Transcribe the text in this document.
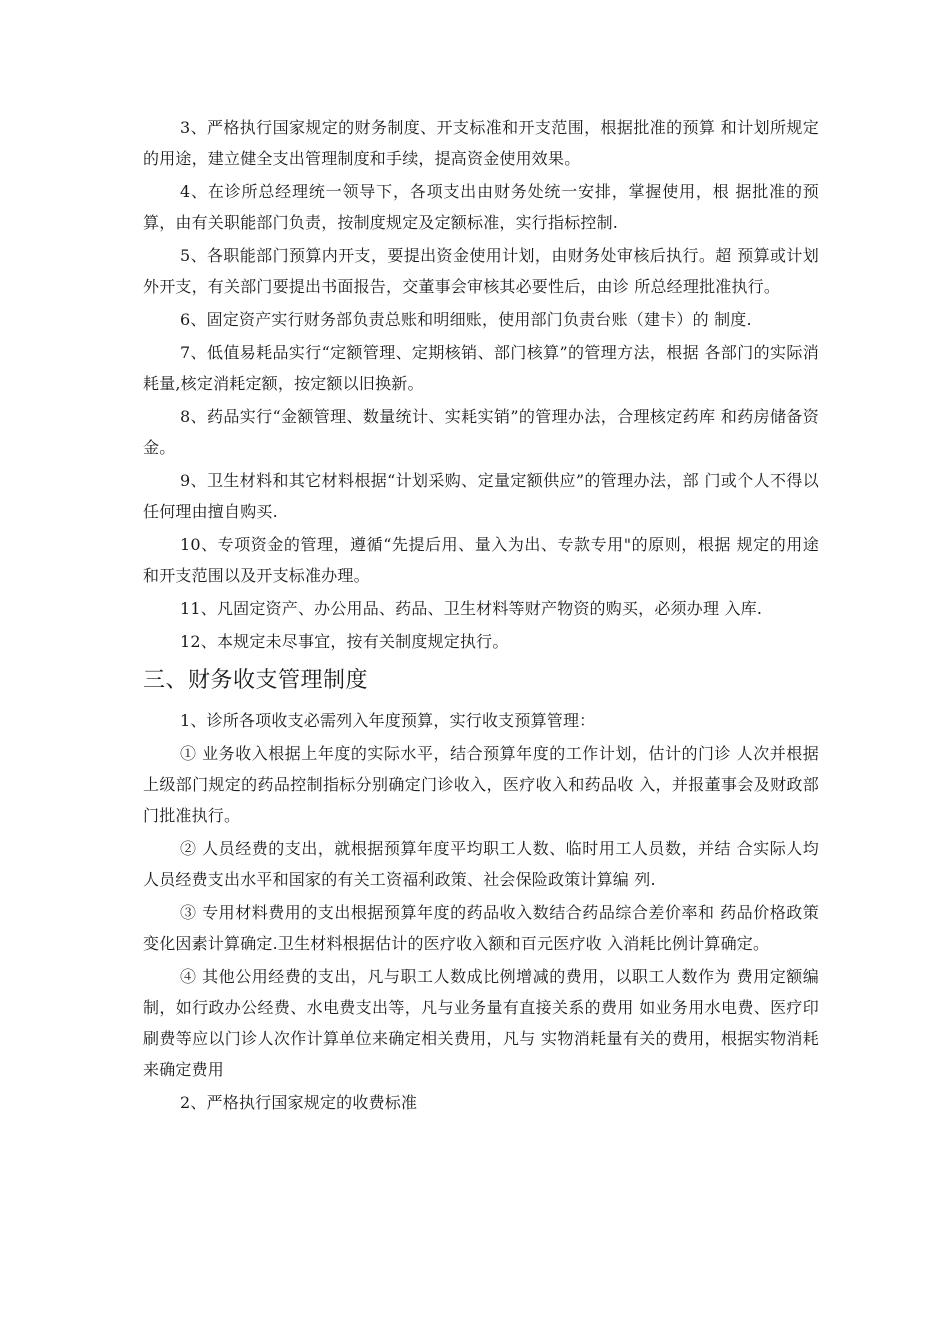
3、严格执行国家规定的财务制度、开支标准和开支范围，根据批准的预算 和计划所规定的用途，建立健全支出管理制度和手续，提高资金使用效果。

4、在诊所总经理统一领导下，各项支出由财务处统一安排，掌握使用，根 据批准的预算，由有关职能部门负责，按制度规定及定额标准，实行指标控制.

5、各职能部门预算内开支，要提出资金使用计划，由财务处审核后执行。超 预算或计划外开支，有关部门要提出书面报告，交董事会审核其必要性后，由诊 所总经理批准执行。

6、固定资产实行财务部负责总账和明细账，使用部门负责台账（建卡）的 制度.

7、低值易耗品实行“定额管理、定期核销、部门核算”的管理方法，根据 各部门的实际消耗量,核定消耗定额，按定额以旧换新。

8、药品实行“金额管理、数量统计、实耗实销”的管理办法，合理核定药库 和药房储备资金。

9、卫生材料和其它材料根据“计划采购、定量定额供应”的管理办法，部 门或个人不得以任何理由擅自购买.

10、专项资金的管理，遵循“先提后用、量入为出、专款专用"的原则，根据 规定的用途和开支范围以及开支标准办理。

11、凡固定资产、办公用品、药品、卫生材料等财产物资的购买，必须办理 入库.

12、本规定未尽事宜，按有关制度规定执行。

三、财务收支管理制度

1、诊所各项收支必需列入年度预算，实行收支预算管理：

① 业务收入根据上年度的实际水平，结合预算年度的工作计划，估计的门诊 人次并根据上级部门规定的药品控制指标分别确定门诊收入，医疗收入和药品收 入，并报董事会及财政部门批准执行。

② 人员经费的支出，就根据预算年度平均职工人数、临时用工人员数，并结 合实际人均人员经费支出水平和国家的有关工资福利政策、社会保险政策计算编 列.

③ 专用材料费用的支出根据预算年度的药品收入数结合药品综合差价率和 药品价格政策变化因素计算确定.卫生材料根据估计的医疗收入额和百元医疗收 入消耗比例计算确定。

④ 其他公用经费的支出，凡与职工人数成比例增减的费用，以职工人数作为 费用定额编制，如行政办公经费、水电费支出等，凡与业务量有直接关系的费用 如业务用水电费、医疗印刷费等应以门诊人次作计算单位来确定相关费用，凡与 实物消耗量有关的费用，根据实物消耗来确定费用

2、严格执行国家规定的收费标准
